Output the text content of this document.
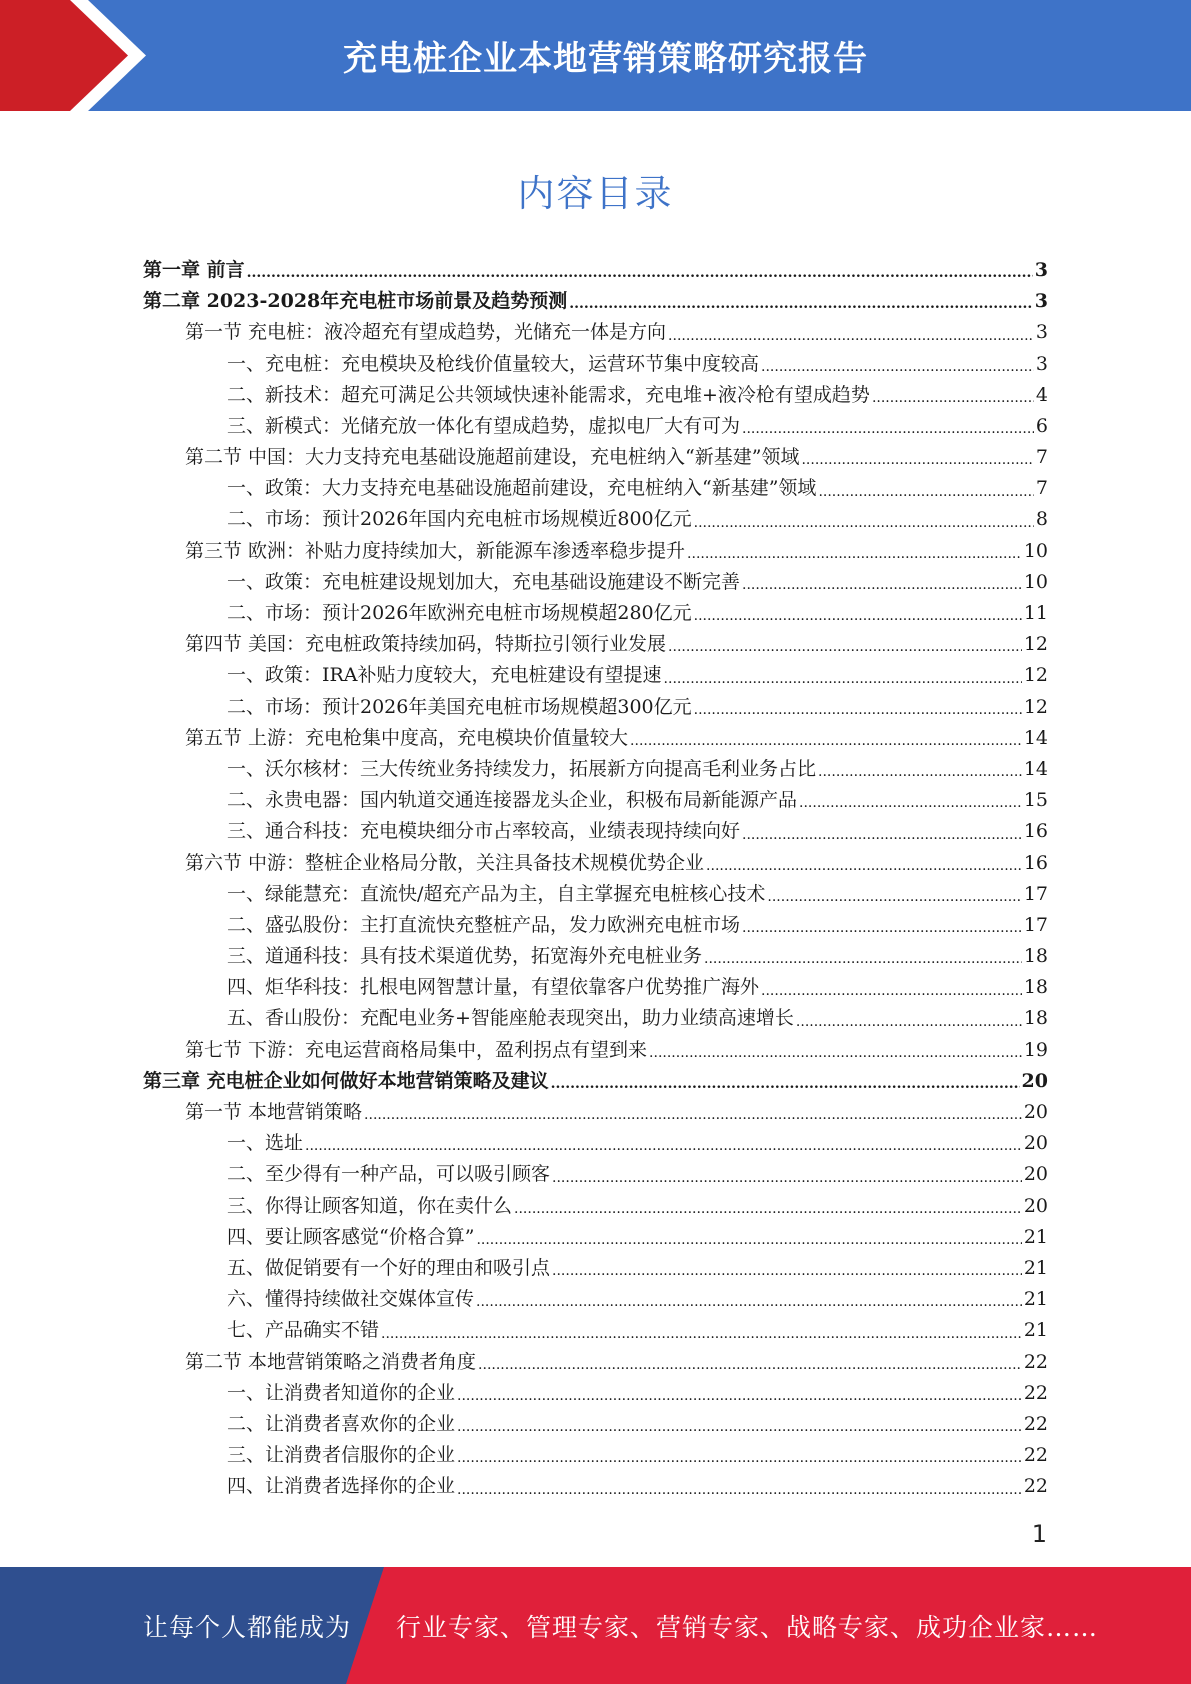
充电桩企业本地营销策略研究报告
内容目录
第一章 前言 .....	3
第二章 2023-2028年充电桩市场前景及趋势预测 .....	3
第一节 充电桩：液冷超充有望成趋势，光储充一体是方向 .....	3
一、充电桩：充电模块及枪线价值量较大，运营环节集中度较高 .....	3
二、新技术：超充可满足公共领域快速补能需求，充电堆+液冷枪有望成趋势 .....	4
三、新模式：光储充放一体化有望成趋势，虚拟电厂大有可为 .....	6
第二节 中国：大力支持充电基础设施超前建设，充电桩纳入“新基建”领域 .....	7
一、政策：大力支持充电基础设施超前建设，充电桩纳入“新基建”领域 .....	7
二、市场：预计2026年国内充电桩市场规模近800亿元 .....	8
第三节 欧洲：补贴力度持续加大，新能源车渗透率稳步提升 .....	10
一、政策：充电桩建设规划加大，充电基础设施建设不断完善 .....	10
二、市场：预计2026年欧洲充电桩市场规模超280亿元 .....	11
第四节 美国：充电桩政策持续加码，特斯拉引领行业发展 .....	12
一、政策：IRA补贴力度较大，充电桩建设有望提速 .....	12
二、市场：预计2026年美国充电桩市场规模超300亿元 .....	12
第五节 上游：充电枪集中度高，充电模块价值量较大 .....	14
一、沃尔核材：三大传统业务持续发力，拓展新方向提高毛利业务占比 .....	14
二、永贵电器：国内轨道交通连接器龙头企业，积极布局新能源产品 .....	15
三、通合科技：充电模块细分市占率较高，业绩表现持续向好 .....	16
第六节 中游：整桩企业格局分散，关注具备技术规模优势企业 .....	16
一、绿能慧充：直流快/超充产品为主，自主掌握充电桩核心技术 .....	17
二、盛弘股份：主打直流快充整桩产品，发力欧洲充电桩市场 .....	17
三、道通科技：具有技术渠道优势，拓宽海外充电桩业务 .....	18
四、炬华科技：扎根电网智慧计量，有望依靠客户优势推广海外 .....	18
五、香山股份：充配电业务+智能座舱表现突出，助力业绩高速增长 .....	18
第七节 下游：充电运营商格局集中，盈利拐点有望到来 .....	19
第三章 充电桩企业如何做好本地营销策略及建议 .....	20
第一节 本地营销策略 .....	20
一、选址 .....	20
二、至少得有一种产品，可以吸引顾客 .....	20
三、你得让顾客知道，你在卖什么 .....	20
四、要让顾客感觉“价格合算” .....	21
五、做促销要有一个好的理由和吸引点 .....	21
六、懂得持续做社交媒体宣传 .....	21
七、产品确实不错 .....	21
第二节 本地营销策略之消费者角度 .....	22
一、让消费者知道你的企业 .....	22
二、让消费者喜欢你的企业 .....	22
三、让消费者信服你的企业 .....	22
四、让消费者选择你的企业 .....	22
1
让每个人都能成为 行业专家、管理专家、营销专家、战略专家、成功企业家……
